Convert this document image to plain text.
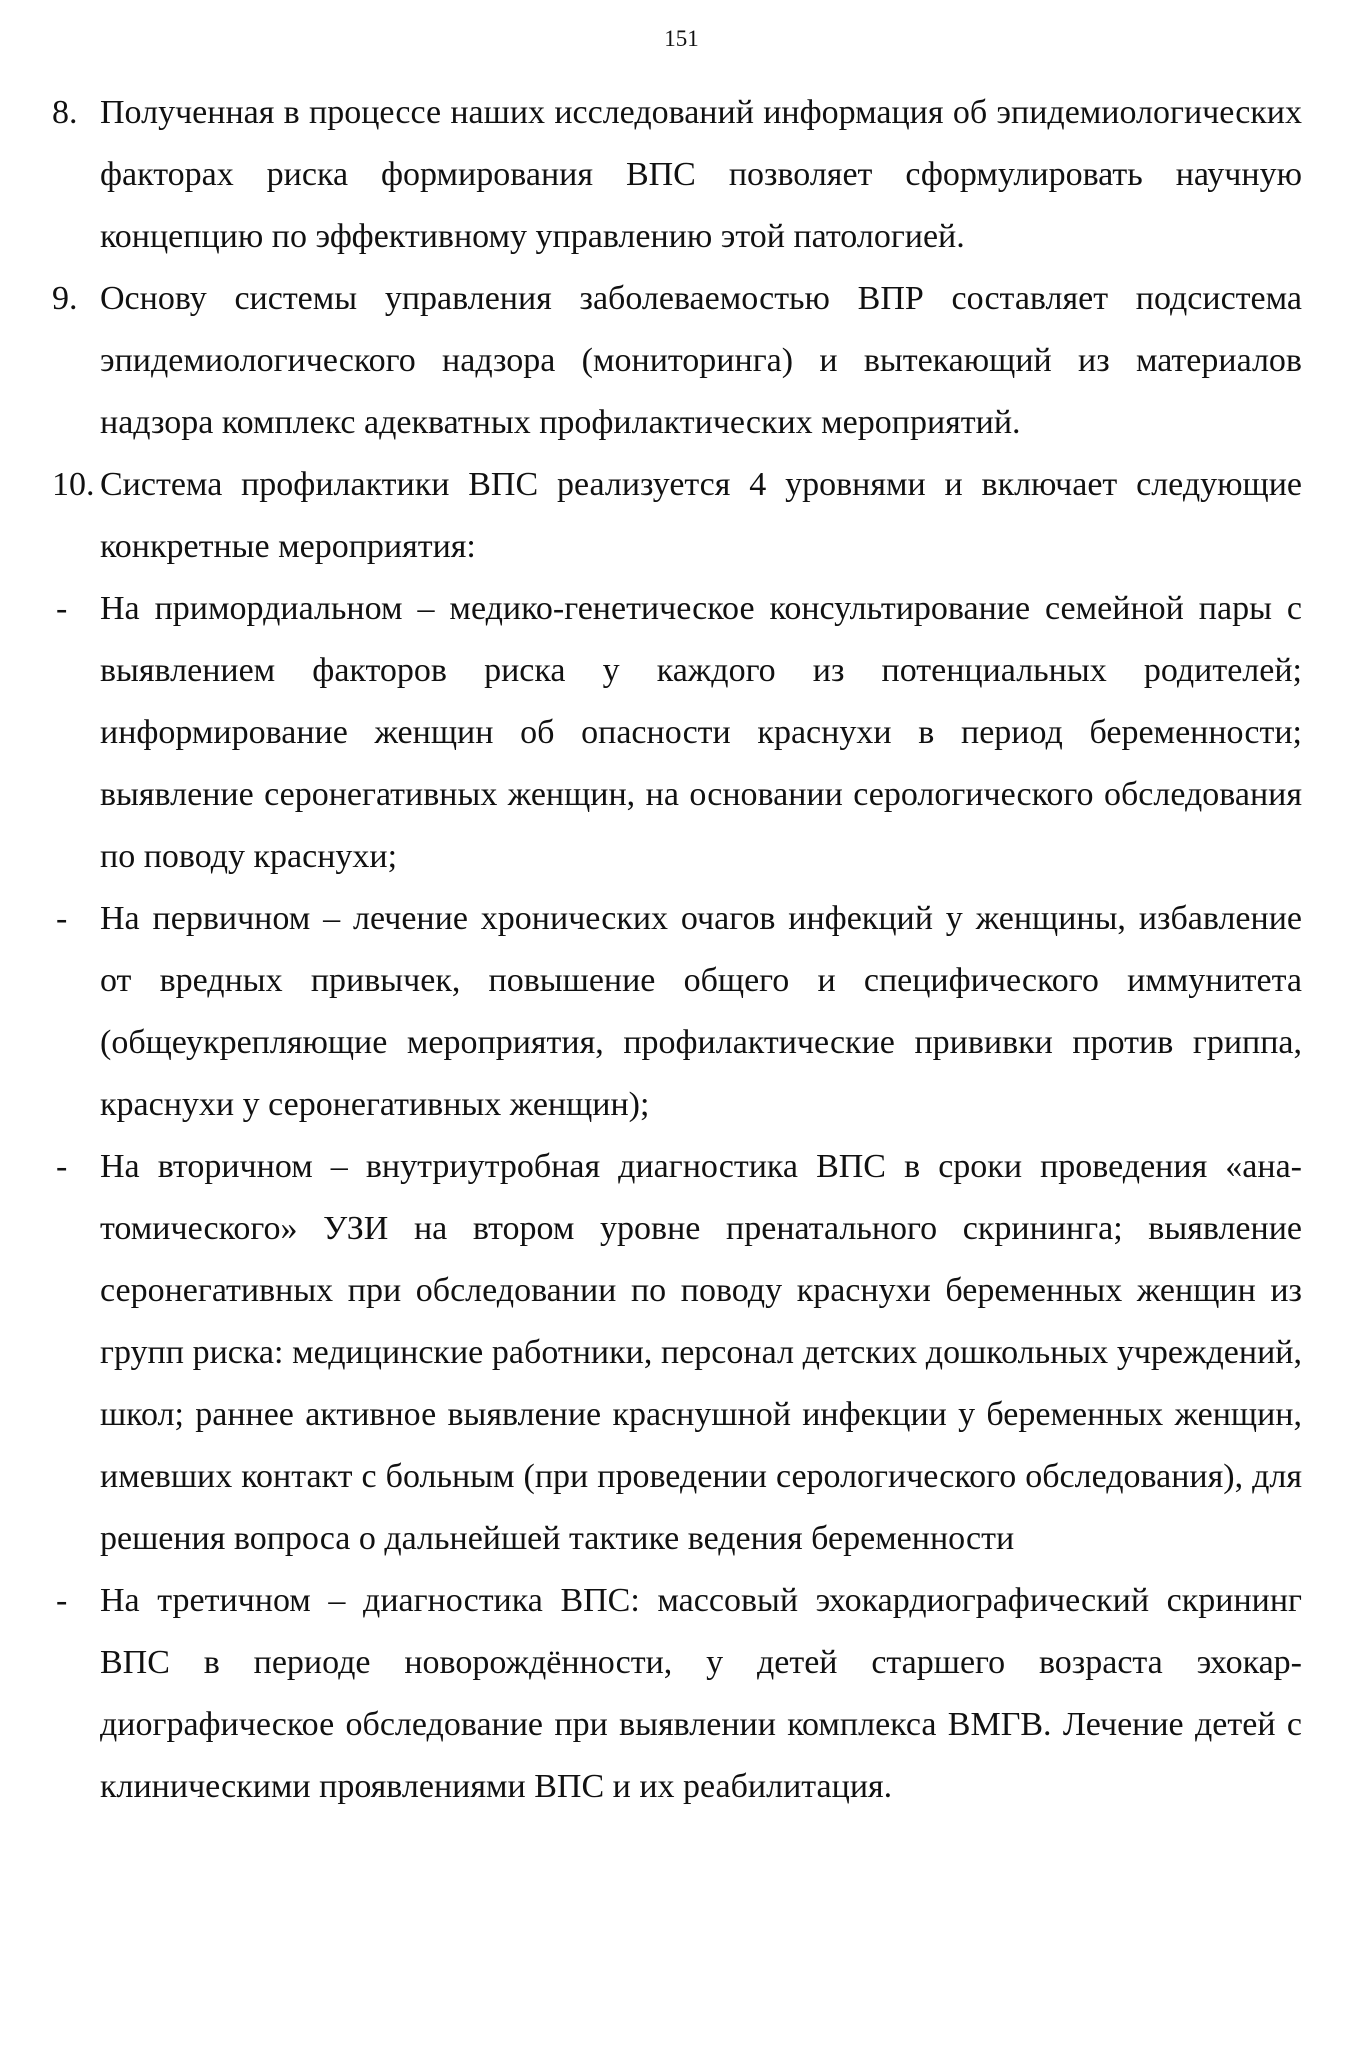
151
8. Полученная в процессе наших исследований информация об эпидемиологических факторах риска формирования ВПС позволяет сформулировать научную концепцию по эффективному управлению этой патологией.
9. Основу системы управления заболеваемостью ВПР составляет подсистема эпидемиологического надзора (мониторинга) и вытекающий из материалов надзора комплекс адекватных профилактических мероприятий.
10. Система профилактики ВПС реализуется 4 уровнями и включает следующие конкретные мероприятия:
- На примордиальном – медико-генетическое консультирование семейной пары с выявлением факторов риска у каждого из потенциальных родителей; информирование женщин об опасности краснухи в период беременности; выявление серонегативных женщин, на основании серологического обследования по поводу краснухи;
- На первичном – лечение хронических очагов инфекций у женщины, избавление от вредных привычек, повышение общего и специфического иммунитета (общеукрепляющие мероприятия, профилактические прививки против гриппа, краснухи у серонегативных женщин);
- На вторичном – внутриутробная диагностика ВПС в сроки проведения «анатомического» УЗИ на втором уровне пренатального скрининга; выявление серонегативных при обследовании по поводу краснухи беременных женщин из групп риска: медицинские работники, персонал детских дошкольных учреждений, школ; раннее активное выявление краснушной инфекции у беременных женщин, имевших контакт с больным (при проведении серологического обследования), для решения вопроса о дальнейшей тактике ведения беременности
- На третичном – диагностика ВПС: массовый эхокардиографический скрининг ВПС в периоде новорождённости, у детей старшего возраста эхокардиографическое обследование при выявлении комплекса ВМГВ. Лечение детей с клиническими проявлениями ВПС и их реабилитация.
